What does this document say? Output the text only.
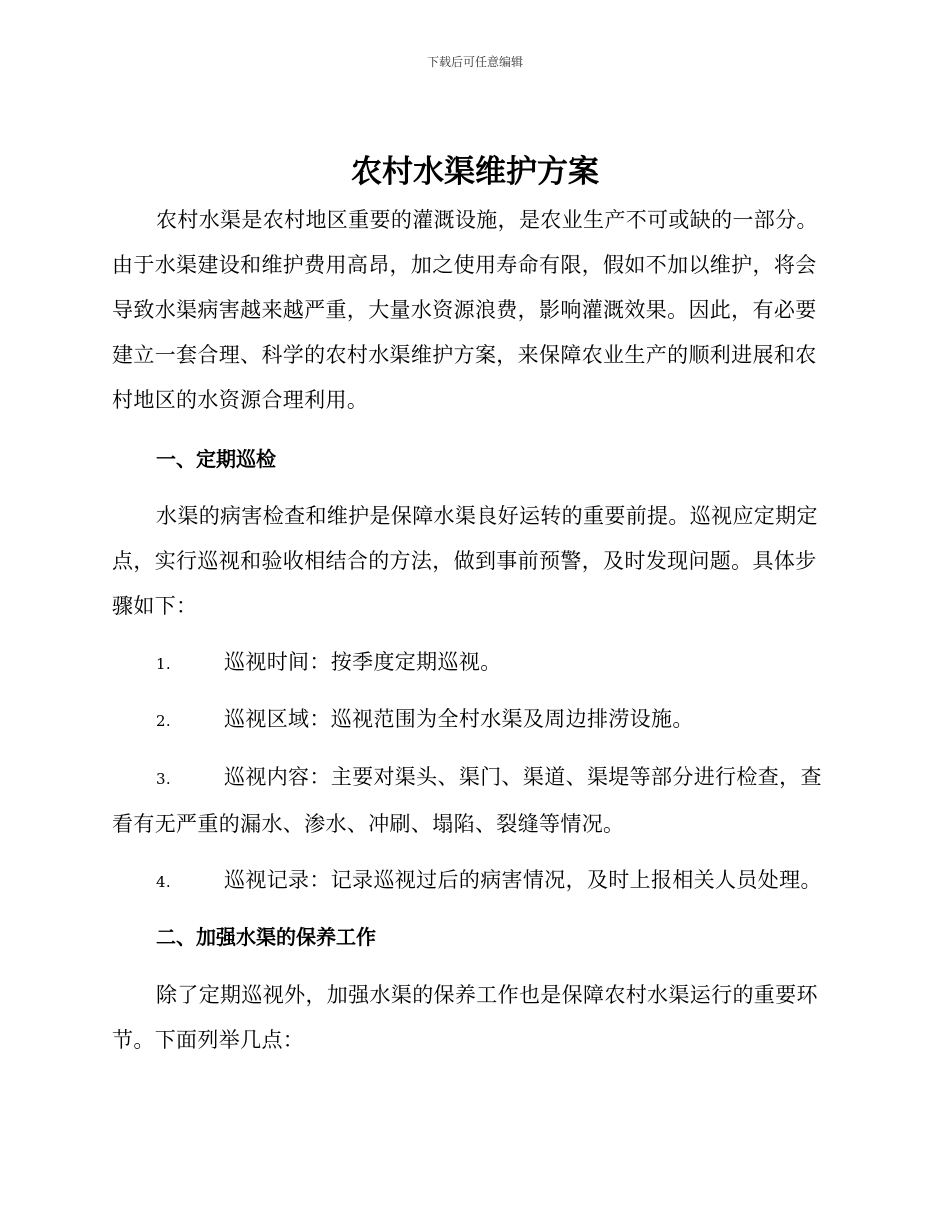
下载后可任意编辑
农村水渠维护方案

农村水渠是农村地区重要的灌溉设施，是农业生产不可或缺的一部分。由于水渠建设和维护费用高昂，加之使用寿命有限，假如不加以维护，将会导致水渠病害越来越严重，大量水资源浪费，影响灌溉效果。因此，有必要建立一套合理、科学的农村水渠维护方案，来保障农业生产的顺利进展和农村地区的水资源合理利用。

一、定期巡检

水渠的病害检查和维护是保障水渠良好运转的重要前提。巡视应定期定点，实行巡视和验收相结合的方法，做到事前预警，及时发现问题。具体步骤如下：

1.	巡视时间：按季度定期巡视。

2.	巡视区域：巡视范围为全村水渠及周边排涝设施。

3.	巡视内容：主要对渠头、渠门、渠道、渠堤等部分进行检查，查看有无严重的漏水、渗水、冲刷、塌陷、裂缝等情况。

4.	巡视记录：记录巡视过后的病害情况，及时上报相关人员处理。

二、加强水渠的保养工作

除了定期巡视外，加强水渠的保养工作也是保障农村水渠运行的重要环节。下面列举几点：
